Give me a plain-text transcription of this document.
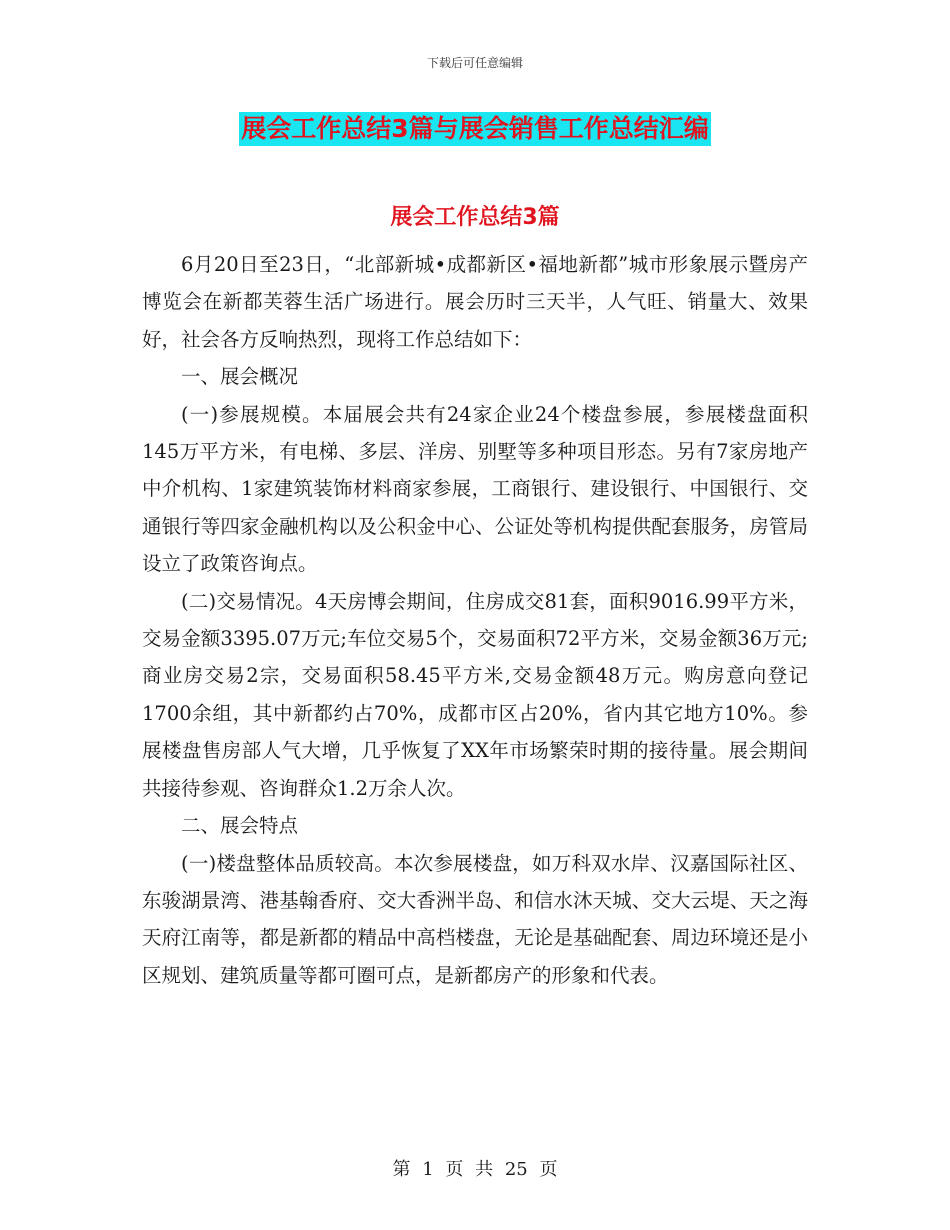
下载后可任意编辑
展会工作总结3篇与展会销售工作总结汇编
展会工作总结3篇

6月20日至23日，“北部新城•成都新区•福地新都”城市形象展示暨房产博览会在新都芙蓉生活广场进行。展会历时三天半，人气旺、销量大、效果好，社会各方反响热烈，现将工作总结如下：

一、展会概况

(一)参展规模。本届展会共有24家企业24个楼盘参展，参展楼盘面积145万平方米，有电梯、多层、洋房、别墅等多种项目形态。另有7家房地产中介机构、1家建筑装饰材料商家参展，工商银行、建设银行、中国银行、交通银行等四家金融机构以及公积金中心、公证处等机构提供配套服务，房管局设立了政策咨询点。

(二)交易情况。4天房博会期间，住房成交81套，面积9016.99平方米，交易金额3395.07万元;车位交易5个，交易面积72平方米，交易金额36万元;商业房交易2宗，交易面积58.45平方米,交易金额48万元。购房意向登记1700余组，其中新都约占70%，成都市区占20%，省内其它地方10%。参展楼盘售房部人气大增，几乎恢复了XX年市场繁荣时期的接待量。展会期间共接待参观、咨询群众1.2万余人次。

二、展会特点

(一)楼盘整体品质较高。本次参展楼盘，如万科双水岸、汉嘉国际社区、东骏湖景湾、港基翰香府、交大香洲半岛、和信水沐天城、交大云堤、天之海天府江南等，都是新都的精品中高档楼盘，无论是基础配套、周边环境还是小区规划、建筑质量等都可圈可点，是新都房产的形象和代表。

第 1 页 共 25 页
